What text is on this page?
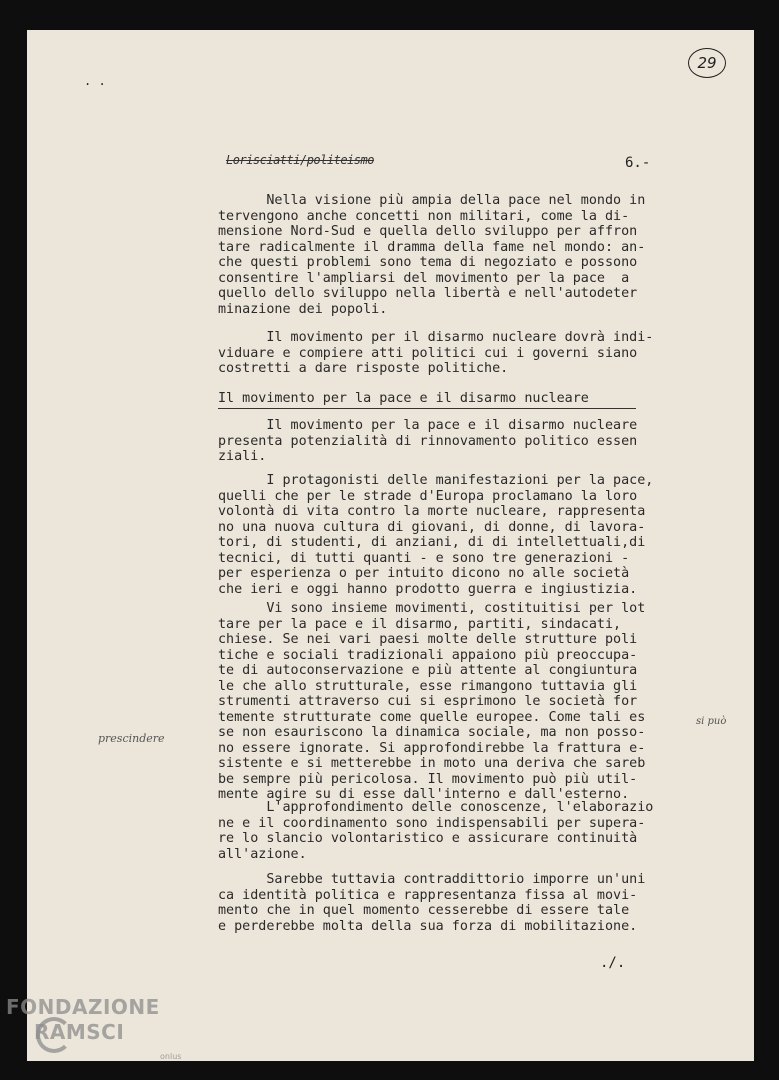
29
. .
Lorisciatti/politeismo	6.-
Nella visione più ampia della pace nel mondo in
tervengono anche concetti non militari, come la di-
mensione Nord-Sud e quella dello sviluppo per affron
tare radicalmente il dramma della fame nel mondo: an-
che questi problemi sono tema di negoziato e possono
consentire l'ampliarsi del movimento per la pace  a
quello dello sviluppo nella libertà e nell'autodeter
minazione dei popoli.
Il movimento per il disarmo nucleare dovrà indi-
viduare e compiere atti politici cui i governi siano
costretti a dare risposte politiche.
Il movimento per la pace e il disarmo nucleare
Il movimento per la pace e il disarmo nucleare
presenta potenzialità di rinnovamento politico essen
ziali.
I protagonisti delle manifestazioni per la pace,
quelli che per le strade d'Europa proclamano la loro
volontà di vita contro la morte nucleare, rappresenta
no una nuova cultura di giovani, di donne, di lavora-
tori, di studenti, di anziani, di di intellettuali,di
tecnici, di tutti quanti - e sono tre generazioni -
per esperienza o per intuito dicono no alle società
che ieri e oggi hanno prodotto guerra e ingiustizia.
Vi sono insieme movimenti, costituitisi per lot
tare per la pace e il disarmo, partiti, sindacati,
chiese. Se nei vari paesi molte delle strutture poli
tiche e sociali tradizionali appaiono più preoccupa-
te di autoconservazione e più attente al congiuntura
le che allo strutturale, esse rimangono tuttavia gli
strumenti attraverso cui si esprimono le società for
temente strutturate come quelle europee. Come tali es
se non esauriscono la dinamica sociale, ma non posso-
no essere ignorate. Si approfondirebbe la frattura e-
sistente e si metterebbe in moto una deriva che sareb
be sempre più pericolosa. Il movimento può più util-
mente agire su di esse dall'interno e dall'esterno.
L'approfondimento delle conoscenze, l'elaborazio
ne e il coordinamento sono indispensabili per supera-
re lo slancio volontaristico e assicurare continuità
all'azione.
Sarebbe tuttavia contraddittorio imporre un'uni
ca identità politica e rappresentanza fissa al movi-
mento che in quel momento cesserebbe di essere tale
e perderebbe molta della sua forza di mobilitazione.
prescindere
si può
./.
FONDAZIONE
RAMSCI
onlus
